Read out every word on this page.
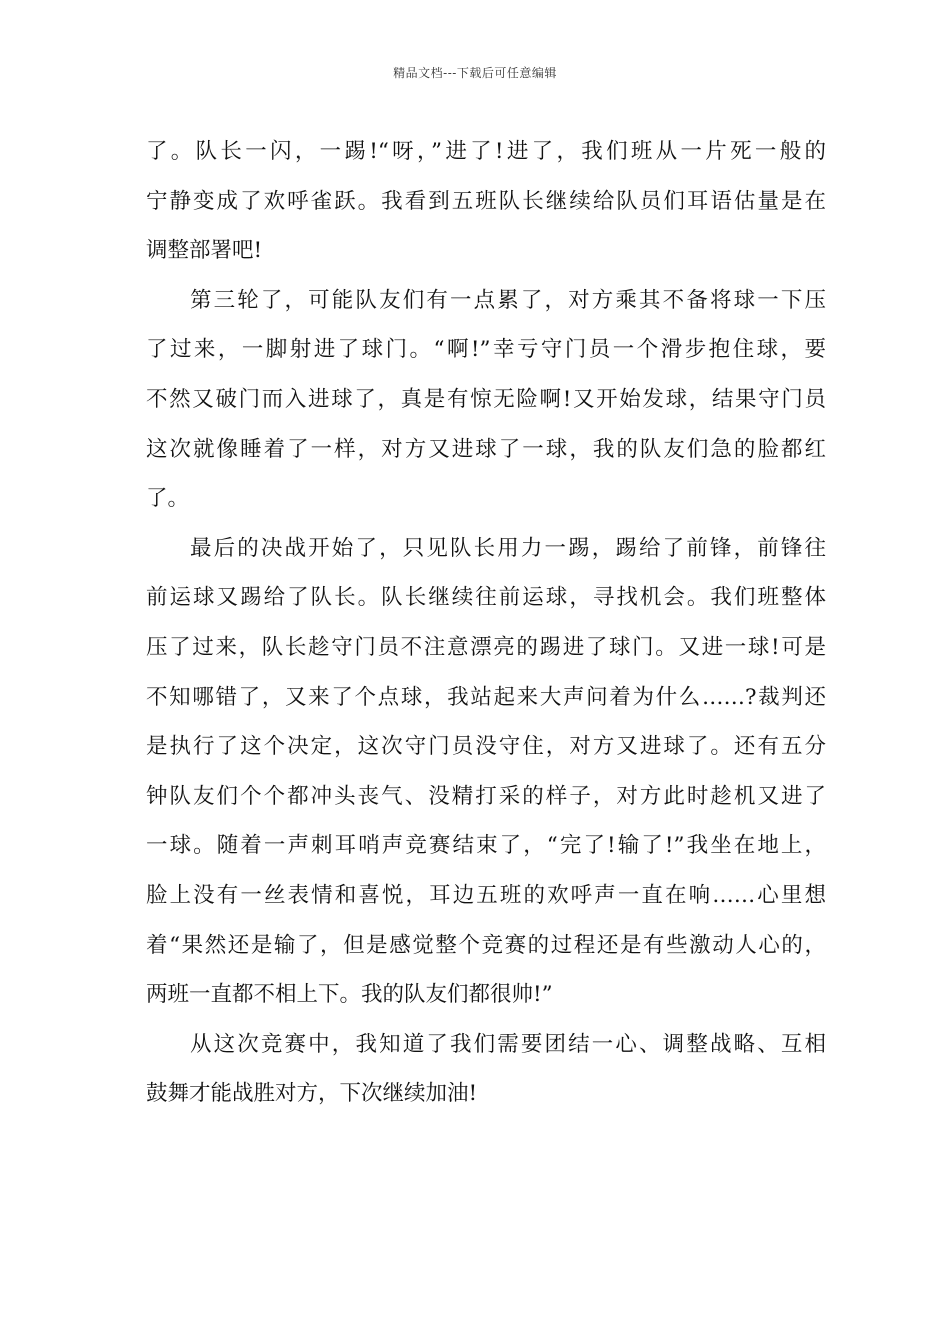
精品文档---下载后可任意编辑
了。队长一闪，一踢!“呀，”进了!进了，我们班从一片死一般的
宁静变成了欢呼雀跃。我看到五班队长继续给队员们耳语估量是在
调整部署吧!
第三轮了，可能队友们有一点累了，对方乘其不备将球一下压
了过来，一脚射进了球门。“啊!”幸亏守门员一个滑步抱住球，要
不然又破门而入进球了，真是有惊无险啊!又开始发球，结果守门员
这次就像睡着了一样，对方又进球了一球，我的队友们急的脸都红
了。
最后的决战开始了，只见队长用力一踢，踢给了前锋，前锋往
前运球又踢给了队长。队长继续往前运球，寻找机会。我们班整体
压了过来，队长趁守门员不注意漂亮的踢进了球门。又进一球!可是
不知哪错了，又来了个点球，我站起来大声问着为什么……?裁判还
是执行了这个决定，这次守门员没守住，对方又进球了。还有五分
钟队友们个个都冲头丧气、没精打采的样子，对方此时趁机又进了
一球。随着一声刺耳哨声竞赛结束了，“完了!输了!”我坐在地上，
脸上没有一丝表情和喜悦，耳边五班的欢呼声一直在响……心里想
着“果然还是输了，但是感觉整个竞赛的过程还是有些激动人心的，
两班一直都不相上下。我的队友们都很帅!”
从这次竞赛中，我知道了我们需要团结一心、调整战略、互相
鼓舞才能战胜对方，下次继续加油!
